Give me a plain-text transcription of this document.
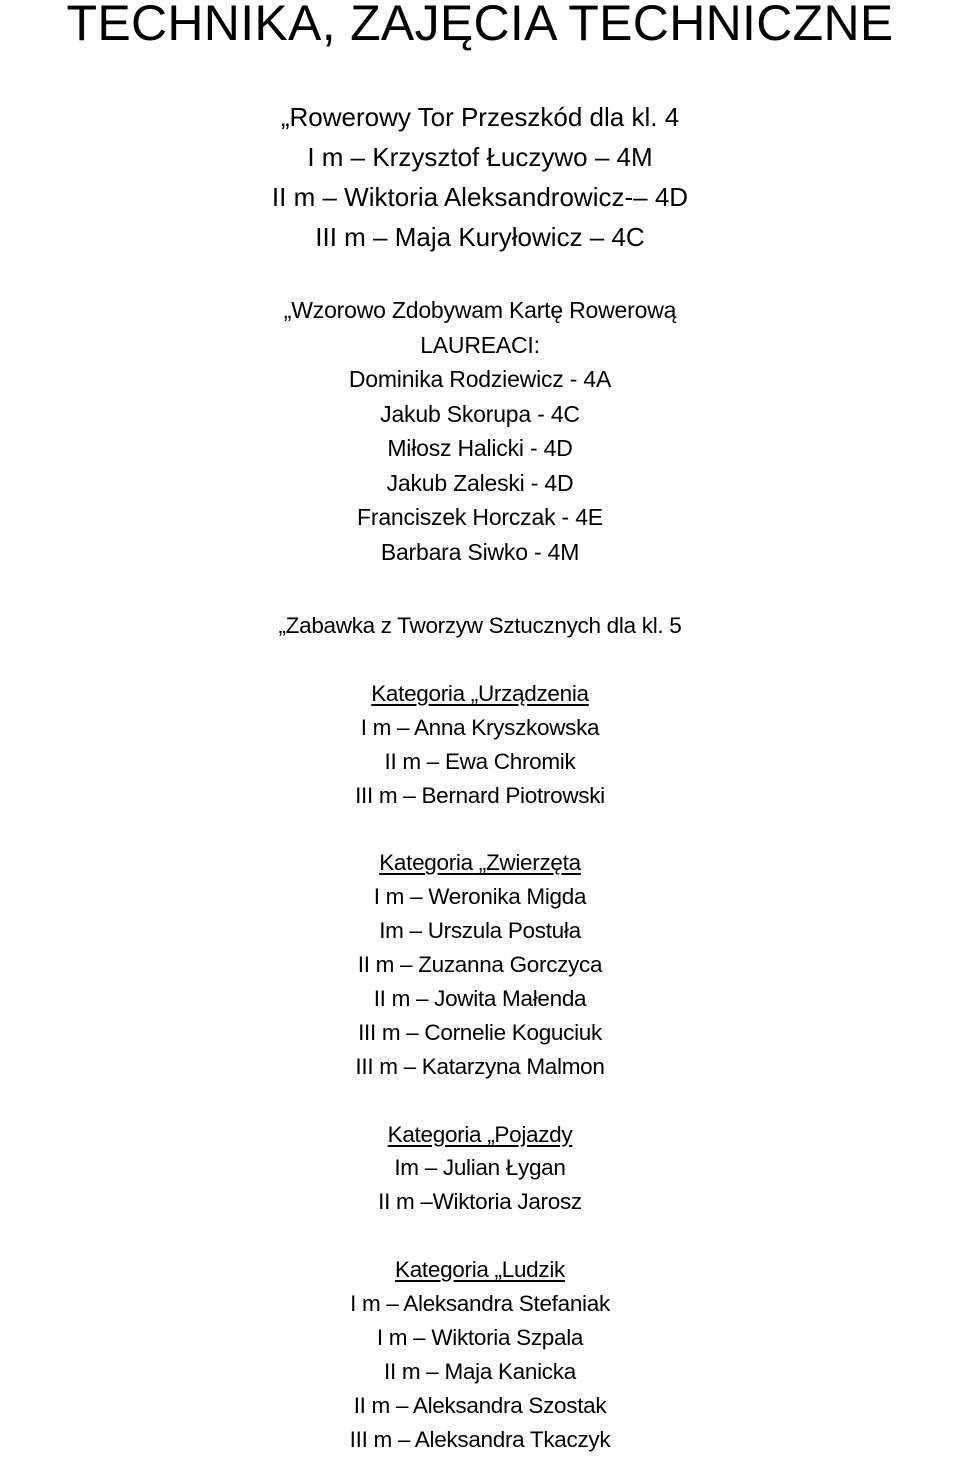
TECHNIKA, ZAJĘCIA TECHNICZNE

„Rowerowy Tor Przeszkód dla kl. 4

I m – Krzysztof Łuczywo – 4M

II m – Wiktoria Aleksandrowicz-– 4D

III m – Maja Kuryłowicz – 4C

„Wzorowo Zdobywam Kartę Rowerową

LAUREACI:

Dominika Rodziewicz - 4A

Jakub Skorupa - 4C

Miłosz Halicki - 4D

Jakub Zaleski - 4D

Franciszek Horczak - 4E

Barbara Siwko - 4M

„Zabawka z Tworzyw Sztucznych dla kl. 5

Kategoria „Urządzenia

I m – Anna Kryszkowska

II m – Ewa Chromik

III m – Bernard Piotrowski

Kategoria „Zwierzęta

I m – Weronika Migda

Im – Urszula Postuła

II m – Zuzanna Gorczyca

II m – Jowita Małenda

III m – Cornelie Koguciuk

III m – Katarzyna Malmon

Kategoria „Pojazdy

Im – Julian Łygan

II m –Wiktoria Jarosz

Kategoria „Ludzik

I m – Aleksandra Stefaniak

I m – Wiktoria Szpala

II m – Maja Kanicka

II m – Aleksandra Szostak

III m – Aleksandra Tkaczyk
